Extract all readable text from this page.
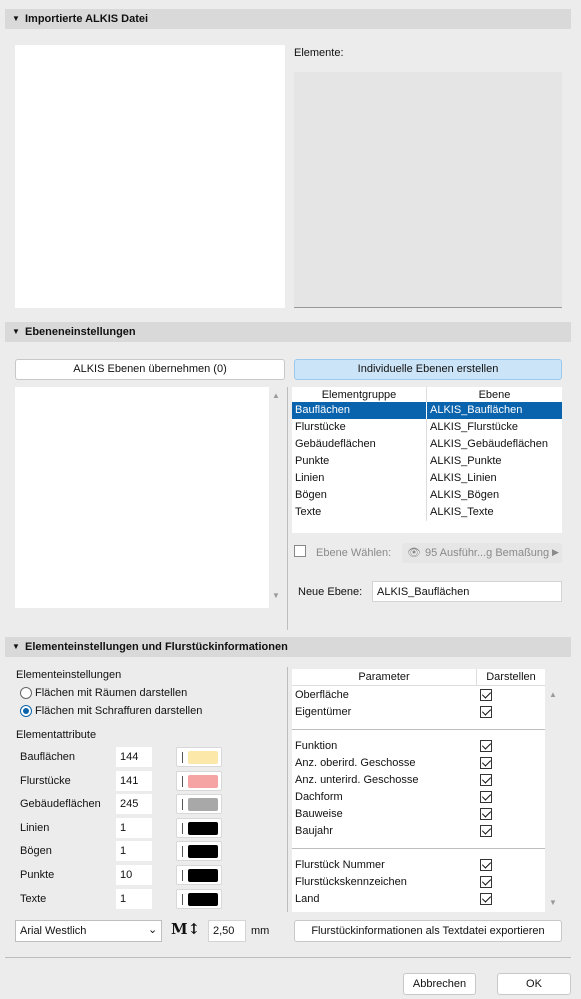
▼ Importierte ALKIS Datei
Elemente:
▼ Ebeneneinstellungen
ALKIS Ebenen übernehmen (0)	Individuelle Ebenen erstellen
▲
▼
Elementgruppe	Ebene
Bauflächen	ALKIS_Bauflächen
Flurstücke	ALKIS_Flurstücke
Gebäudeflächen	ALKIS_Gebäudeflächen
Punkte	ALKIS_Punkte
Linien	ALKIS_Linien
Bögen	ALKIS_Bögen
Texte	ALKIS_Texte
Ebene Wählen: 👁 95 Ausführ...g Bemaßung ▶
Neue Ebene:	ALKIS_Bauflächen
▼ Elementeinstellungen und Flurstückinformationen
Elementeinstellungen
Flächen mit Räumen darstellen
Flächen mit Schraffuren darstellen
Elementattribute
Bauflächen	144
Flurstücke	141
Gebäudeflächen	245
Linien	1
Bögen	1
Punkte	10
Texte	1
Arial Westlich	⌄ M↕	2,50	mm
Parameter	Darstellen
Oberfläche
Eigentümer
Funktion
Anz. oberird. Geschosse
Anz. unterird. Geschosse
Dachform
Bauweise
Baujahr
Flurstück Nummer
Flurstückskennzeichen
Land
▲
▼
Flurstückinformationen als Textdatei exportieren
Abbrechen	OK
